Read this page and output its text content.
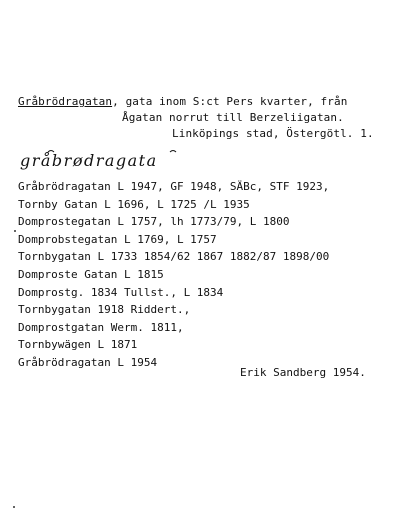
Gråbrödragatan, gata inom S:ct Pers kvarter, från
Ågatan norrut till Berzeliigatan.
Linköpings stad, Östergötl. 1.
gråbrødragata
Gråbrödragatan L 1947, GF 1948, SÄBc, STF 1923,
Tornby Gatan L 1696, L 1725 /L 1935
Domprostegatan L 1757, lh 1773/79, L 1800
Domprobstegatan L 1769, L 1757
Tornbygatan L 1733 1854/62 1867 1882/87 1898/00
Domproste Gatan L 1815
Domprostg. 1834 Tullst., L 1834
Tornbygatan 1918 Riddert.,
Domprostgatan Werm. 1811,
Tornbywägen L 1871
Gråbrödragatan L 1954
Erik Sandberg 1954.
